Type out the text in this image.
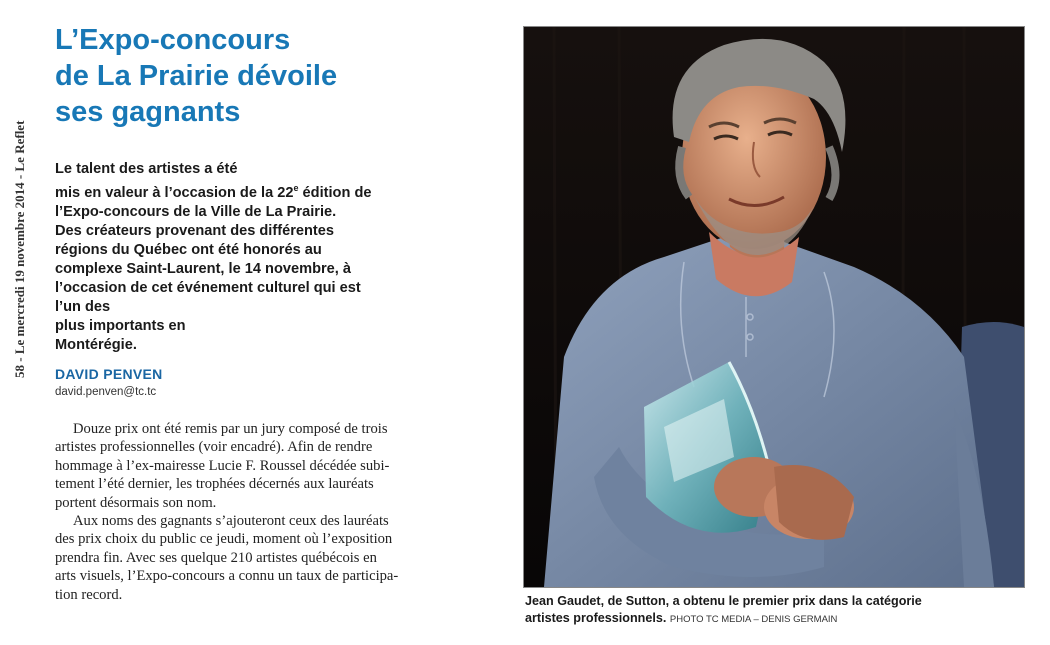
58 - Le mercredi 19 novembre 2014 - Le Reflet
L’Expo-concours
de La Prairie dévoile
ses gagnants
Le talent des artistes a été
mis en valeur à l’occasion de la 22e édition de
l’Expo-concours de la Ville de La Prairie.
Des créateurs provenant des différentes
régions du Québec ont été honorés au
complexe Saint-Laurent, le 14 novembre, à
l’occasion de cet événement culturel qui est
l’un des
plus importants en
Montérégie.
DAVID PENVEN
david.penven@tc.tc

Douze prix ont été remis par un jury composé de trois
artistes professionnelles (voir encadré). Afin de rendre
hommage à l’ex-mairesse Lucie F. Roussel décédée subi-
tement l’été dernier, les trophées décernés aux lauréats
portent désormais son nom.

Aux noms des gagnants s’ajouteront ceux des lauréats
des prix choix du public ce jeudi, moment où l’exposition
prendra fin. Avec ses quelque 210 artistes québécois en
arts visuels, l’Expo-concours a connu un taux de participa-
tion record.	Jean Gaudet, de Sutton, a obtenu le premier prix dans la catégorie
artistes professionnels. PHOTO TC MEDIA – DENIS GERMAIN
